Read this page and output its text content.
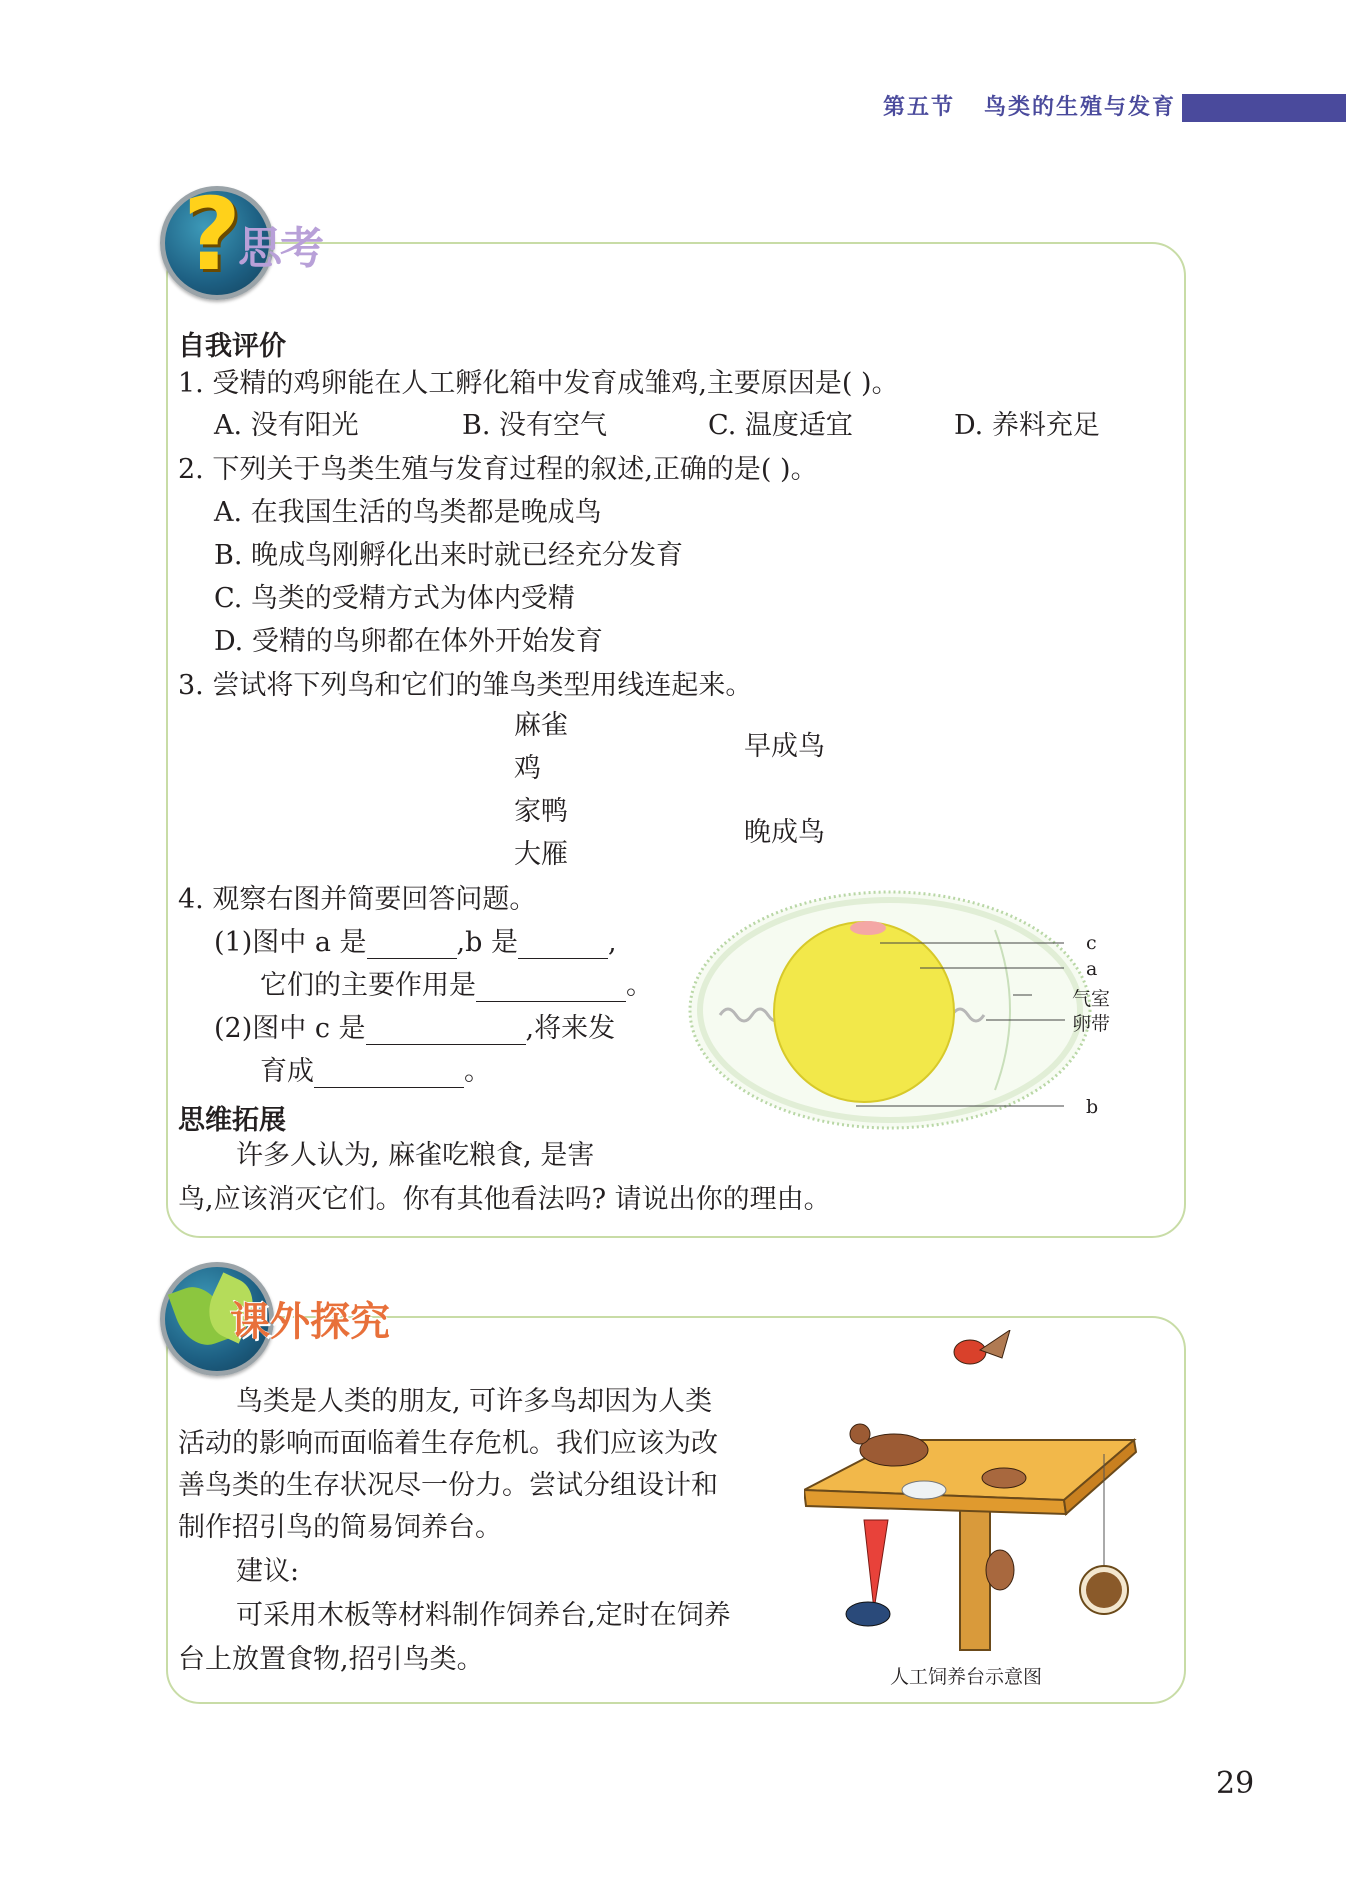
第五节 鸟类的生殖与发育
?
思考
自我评价
1. 受精的鸡卵能在人工孵化箱中发育成雏鸡,主要原因是( )。
A. 没有阳光	B. 没有空气	C. 温度适宜	D. 养料充足
2. 下列关于鸟类生殖与发育过程的叙述,正确的是( )。
A. 在我国生活的鸟类都是晚成鸟
B. 晚成鸟刚孵化出来时就已经充分发育
C. 鸟类的受精方式为体内受精
D. 受精的鸟卵都在体外开始发育
3. 尝试将下列鸟和它们的雏鸟类型用线连起来。
麻雀
鸡
家鸭
大雁
早成鸟
晚成鸟
4. 观察右图并简要回答问题。
(1)图中 a 是	,b 是	,
它们的主要作用是	。
(2)图中 c 是	,将来发
育成	。
c
a
气室
卵带
b
思维拓展
许多人认为, 麻雀吃粮食, 是害
鸟,应该消灭它们。你有其他看法吗? 请说出你的理由。
课外探究
鸟类是人类的朋友, 可许多鸟却因为人类
活动的影响而面临着生存危机。我们应该为改
善鸟类的生存状况尽一份力。尝试分组设计和
制作招引鸟的简易饲养台。
建议:
可采用木板等材料制作饲养台,定时在饲养
台上放置食物,招引鸟类。
人工饲养台示意图
29
